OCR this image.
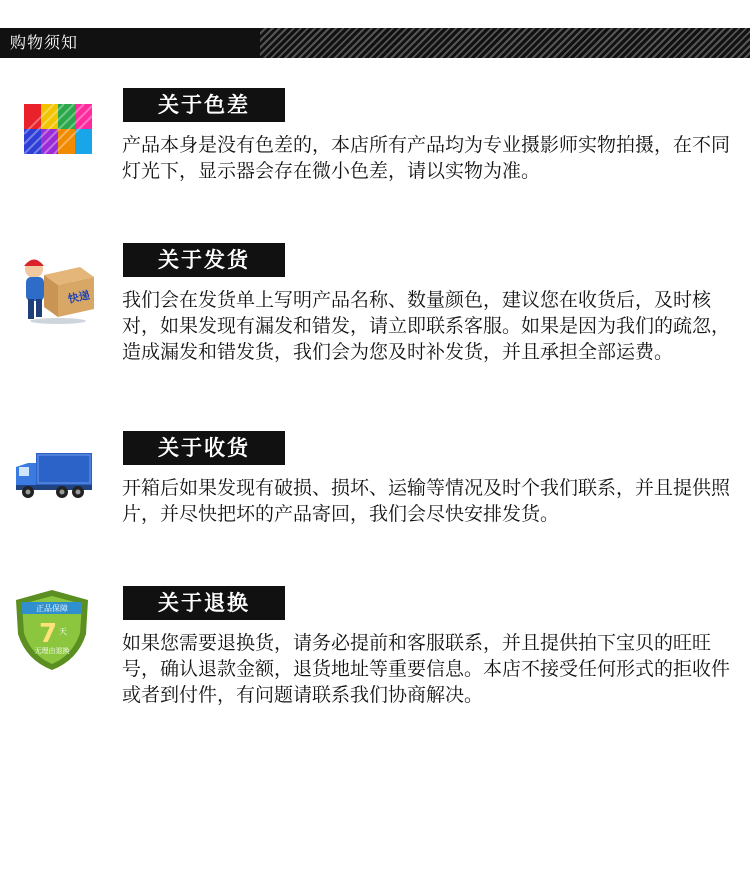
购物须知
关于色差
产品本身是没有色差的，本店所有产品均为专业摄影师实物拍摄，在不同灯光下，显示器会存在微小色差，请以实物为准。
快递
关于发货
我们会在发货单上写明产品名称、数量颜色，建议您在收货后，及时核对，如果发现有漏发和错发，请立即联系客服。如果是因为我们的疏忽，造成漏发和错发货，我们会为您及时补发货，并且承担全部运费。
关于收货
开箱后如果发现有破损、损坏、运输等情况及时个我们联系，并且提供照片，并尽快把坏的产品寄回，我们会尽快安排发货。
正品保障
7 天
无理由退换
关于退换
如果您需要退换货，请务必提前和客服联系，并且提供拍下宝贝的旺旺号，确认退款金额，退货地址等重要信息。本店不接受任何形式的拒收件或者到付件，有问题请联系我们协商解决。
